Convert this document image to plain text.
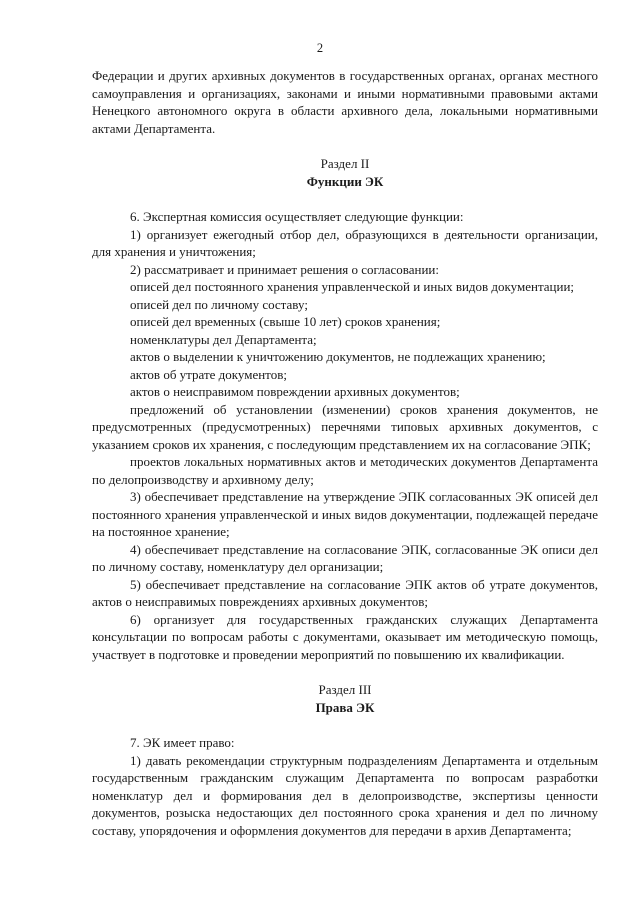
2

Федерации и других архивных документов в государственных органах, органах местного самоуправления и организациях, законами и иными нормативными правовыми актами Ненецкого автономного округа в области архивного дела, локальными нормативными актами Департамента.

Раздел II
Функции ЭК

6. Экспертная комиссия осуществляет следующие функции:

1) организует ежегодный отбор дел, образующихся в деятельности организации, для хранения и уничтожения;

2) рассматривает и принимает решения о согласовании:

описей дел постоянного хранения управленческой и иных видов документации;

описей дел по личному составу;

описей дел временных (свыше 10 лет) сроков хранения;

номенклатуры дел Департамента;

актов о выделении к уничтожению документов, не подлежащих хранению;

актов об утрате документов;

актов о неисправимом повреждении архивных документов;

предложений об установлении (изменении) сроков хранения документов, не предусмотренных (предусмотренных) перечнями типовых архивных документов, с указанием сроков их хранения, с последующим представлением их на согласование ЭПК;

проектов локальных нормативных актов и методических документов Департамента по делопроизводству и архивному делу;

3) обеспечивает представление на утверждение ЭПК согласованных ЭК описей дел постоянного хранения управленческой и иных видов документации, подлежащей передаче на постоянное хранение;

4) обеспечивает представление на согласование ЭПК, согласованные ЭК описи дел по личному составу, номенклатуру дел организации;

5) обеспечивает представление на согласование ЭПК актов об утрате документов, актов о неисправимых повреждениях архивных документов;

6) организует для государственных гражданских служащих Департамента консультации по вопросам работы с документами, оказывает им методическую помощь, участвует в подготовке и проведении мероприятий по повышению их квалификации.

Раздел III
Права ЭК

7. ЭК имеет право:

1) давать рекомендации структурным подразделениям Департамента и отдельным государственным гражданским служащим Департамента по вопросам разработки номенклатур дел и формирования дел в делопроизводстве, экспертизы ценности документов, розыска недостающих дел постоянного срока хранения и дел по личному составу, упорядочения и оформления документов для передачи в архив Департамента;
